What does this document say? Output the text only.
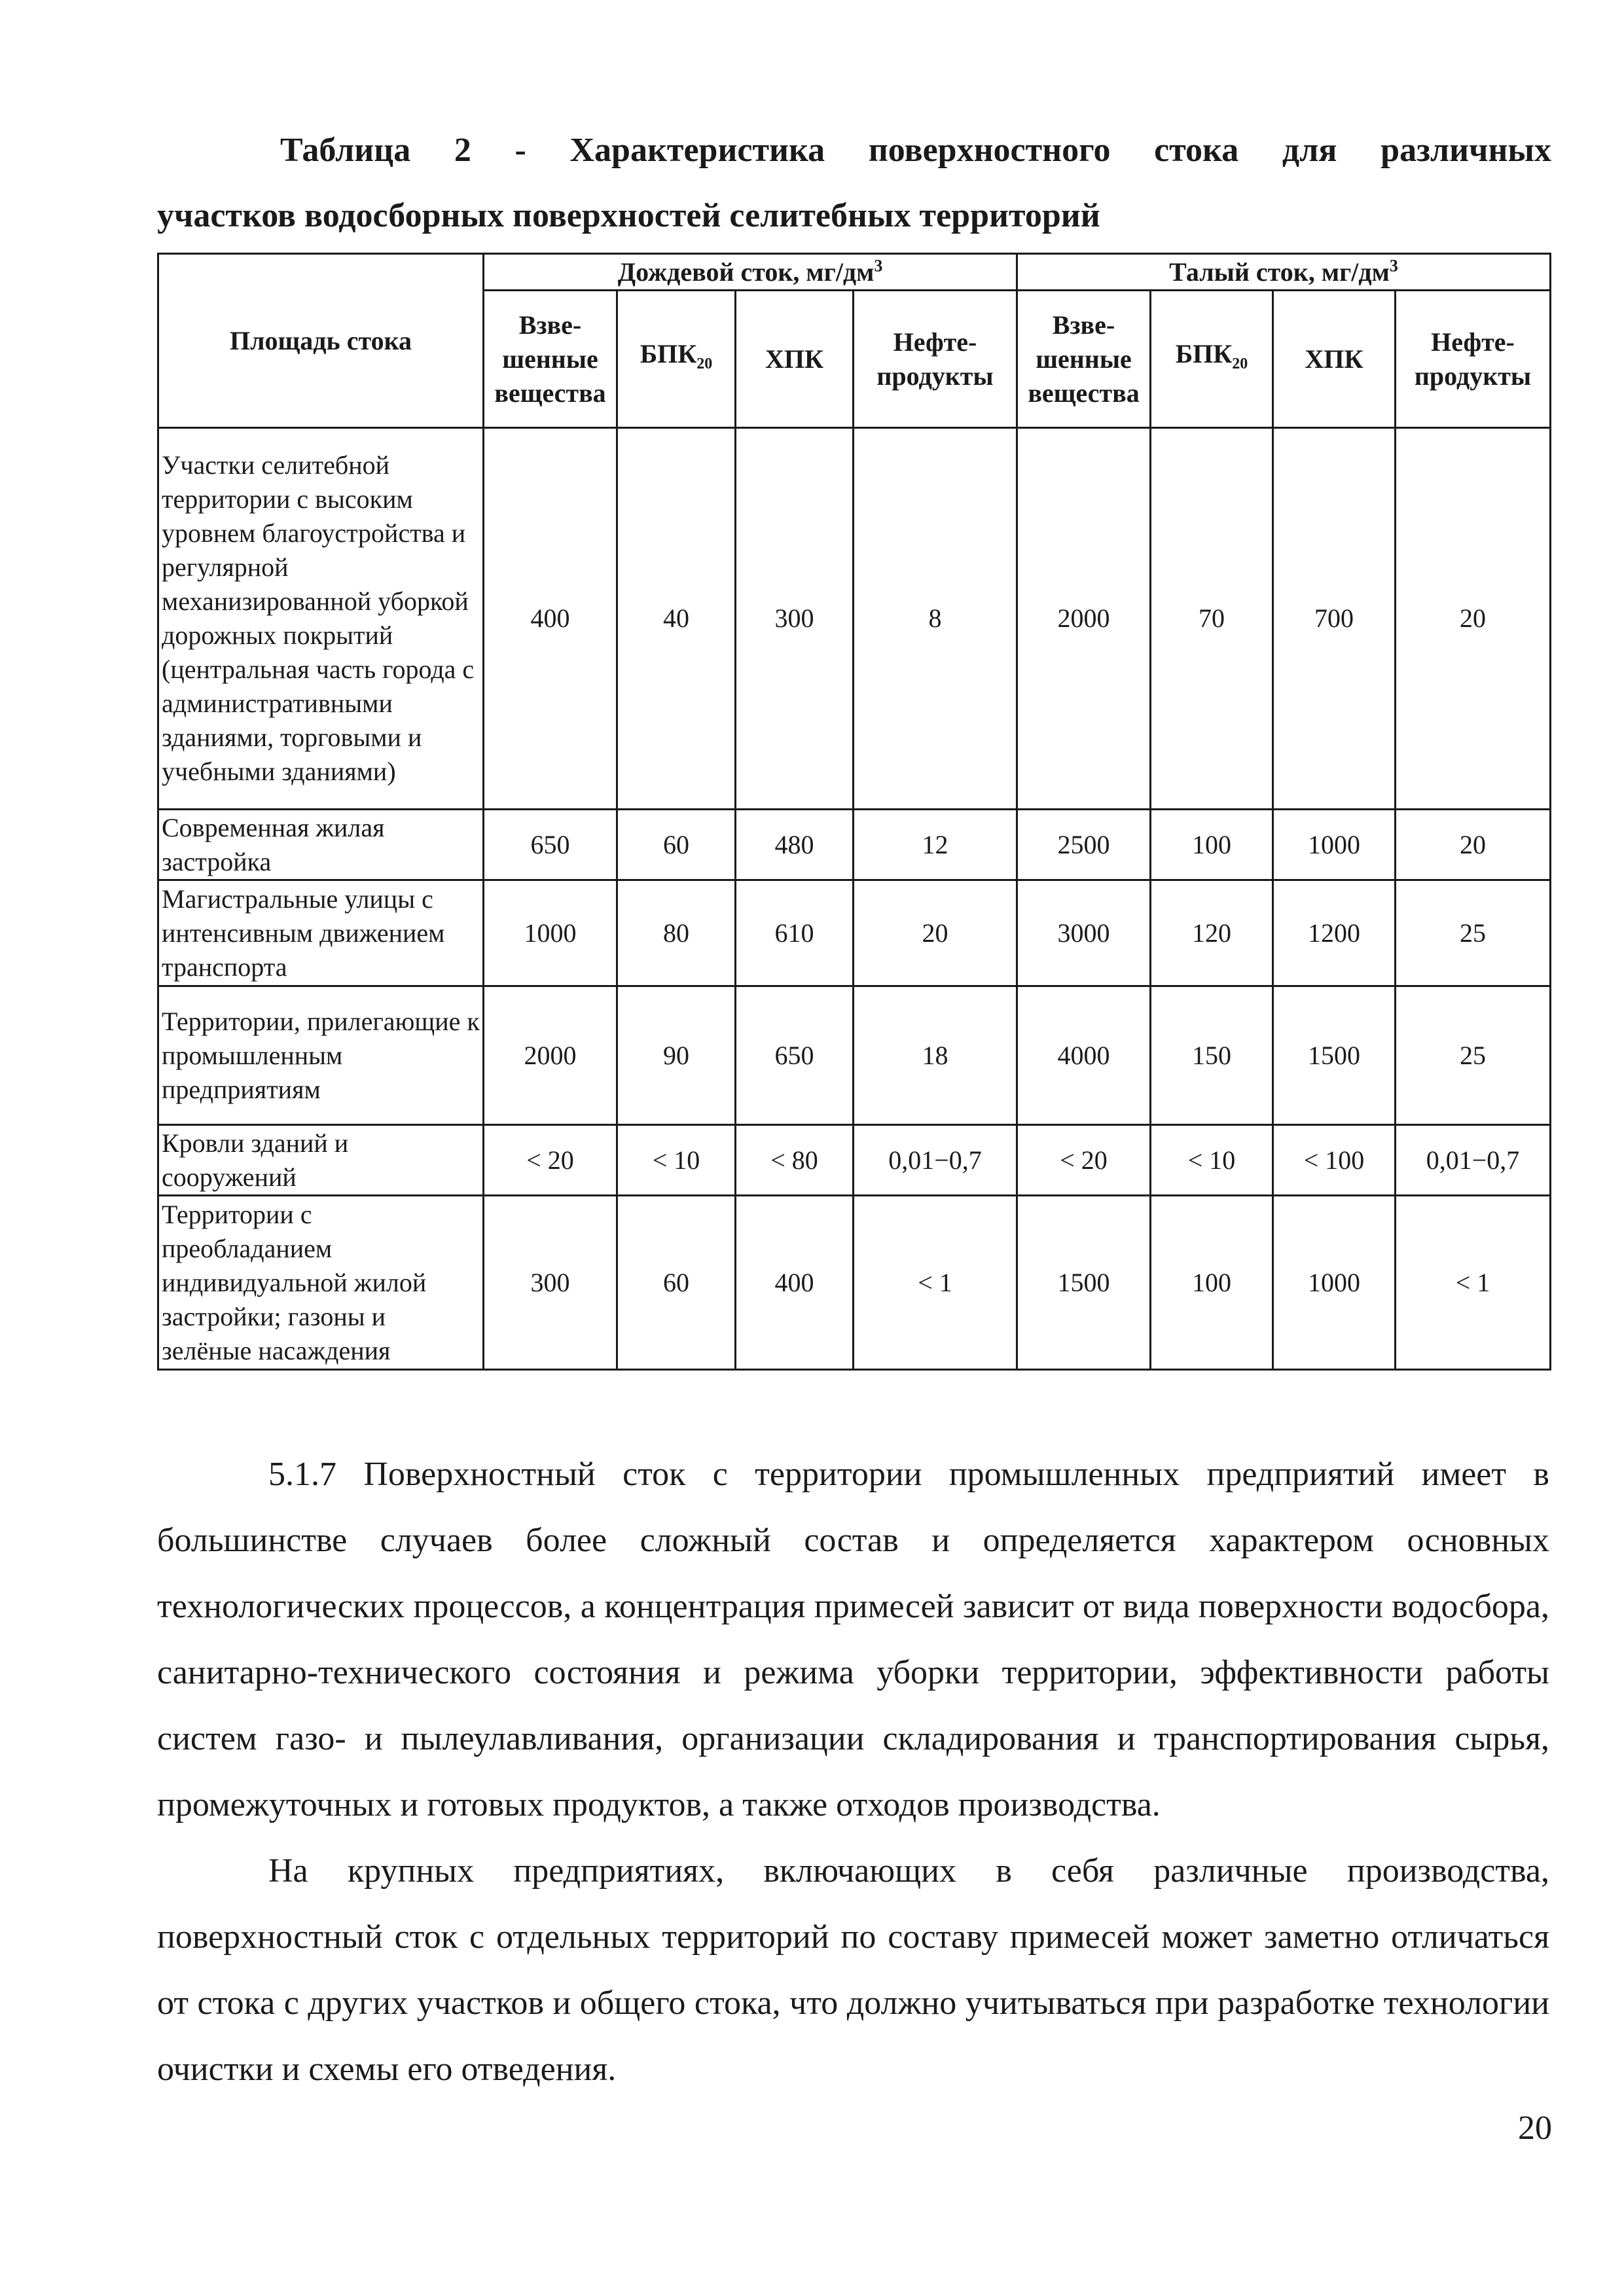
Таблица 2 - Характеристика поверхностного стока для различных
участков водосборных поверхностей селитебных территорий
Площадь стока	Дождевой сток, $мг/дм^3$				Талый сток, $мг/дм^3$
	Взве-шенные вещества	$БПК_{20}$	ХПК	Нефте-продукты	Взве-шенные вещества	$БПК_{20}$	ХПК	Нефте-продукты
Участки селитебной территории с высоким уровнем благоустройства и регулярной механизированной уборкой дорожных покрытий (центральная часть города с административными зданиями, торговыми и учебными зданиями)	400	40	300	8	2000	70	700	20
Современная жилая застройка	650	60	480	12	2500	100	1000	20
Магистральные улицы с интенсивным движением транспорта	1000	80	610	20	3000	120	1200	25
Территории, прилегающие к промышленным предприятиям	2000	90	650	18	4000	150	1500	25
Кровли зданий и сооружений	< 20	< 10	< 80	0,01−0,7	< 20	< 10	< 100	0,01−0,7
Территории с преобладанием индивидуальной жилой застройки; газоны и зелёные насаждения	300	60	400	< 1	1500	100	1000	< 1

5.1.7 Поверхностный сток с территории промышленных предприятий имеет в большинстве случаев более сложный состав и определяется характером основных технологических процессов, а концентрация примесей зависит от вида поверхности водосбора, санитарно-технического состояния и режима уборки территории, эффективности работы систем газо- и пылеулавливания, организации складирования и транспортирования сырья, промежуточных и готовых продуктов, а также отходов производства.

На крупных предприятиях, включающих в себя различные производства, поверхностный сток с отдельных территорий по составу примесей может заметно отличаться от стока с других участков и общего стока, что должно учитываться при разработке технологии очистки и схемы его отведения.

20
